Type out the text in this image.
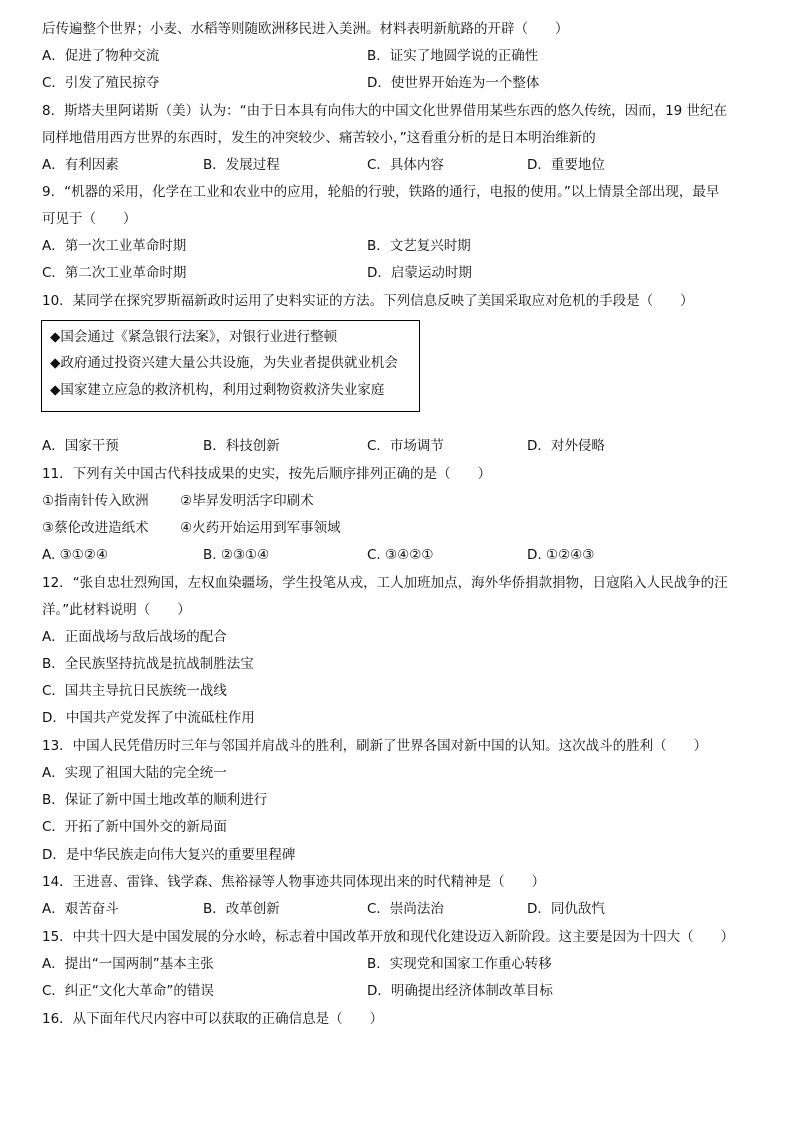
后传遍整个世界；小麦、水稻等则随欧洲移民进入美洲。材料表明新航路的开辟（　　）
A．促进了物种交流	B．证实了地圆学说的正确性
C．引发了殖民掠夺	D．使世界开始连为一个整体
8．斯塔夫里阿诺斯（美）认为：“由于日本具有向伟大的中国文化世界借用某些东西的悠久传统，因而，19 世纪在
同样地借用西方世界的东西时，发生的冲突较少、痛苦较小，”这看重分析的是日本明治维新的
A．有利因素	B．发展过程	C．具体内容	D．重要地位
9．“机器的采用，化学在工业和农业中的应用，轮船的行驶，铁路的通行，电报的使用。”以上情景全部出现，最早
可见于（　　）
A．第一次工业革命时期	B．文艺复兴时期
C．第二次工业革命时期	D．启蒙运动时期
10．某同学在探究罗斯福新政时运用了史料实证的方法。下列信息反映了美国采取应对危机的手段是（　　）
◆国会通过《紧急银行法案》，对银行业进行整顿
◆政府通过投资兴建大量公共设施，为失业者提供就业机会
◆国家建立应急的救济机构，利用过剩物资救济失业家庭
A．国家干预	B．科技创新	C．市场调节	D．对外侵略
11．下列有关中国古代科技成果的史实，按先后顺序排列正确的是（　　）
①指南针传入欧洲 ②毕昇发明活字印刷术
③蔡伦改进造纸术 ④火药开始运用到军事领域
A. ③①②④	B. ②③①④	C. ③④②①	D. ①②④③
12．“张自忠壮烈殉国，左权血染疆场，学生投笔从戎，工人加班加点，海外华侨捐款捐物，日寇陷入人民战争的汪
洋。”此材料说明（　　）
A．正面战场与敌后战场的配合
B．全民族坚持抗战是抗战制胜法宝
C．国共主导抗日民族统一战线
D．中国共产党发挥了中流砥柱作用
13．中国人民凭借历时三年与邻国并肩战斗的胜利，刷新了世界各国对新中国的认知。这次战斗的胜利（　　）
A．实现了祖国大陆的完全统一
B．保证了新中国土地改革的顺利进行
C．开拓了新中国外交的新局面
D．是中华民族走向伟大复兴的重要里程碑
14．王进喜、雷锋、钱学森、焦裕禄等人物事迹共同体现出来的时代精神是（　　）
A．艰苦奋斗	B．改革创新	C．崇尚法治	D．同仇敌忾
15．中共十四大是中国发展的分水岭，标志着中国改革开放和现代化建设迈入新阶段。这主要是因为十四大（　　）
A．提出“一国两制”基本主张	B．实现党和国家工作重心转移
C．纠正“文化大革命”的错误	D．明确提出经济体制改革目标
16．从下面年代尺内容中可以获取的正确信息是（　　）
